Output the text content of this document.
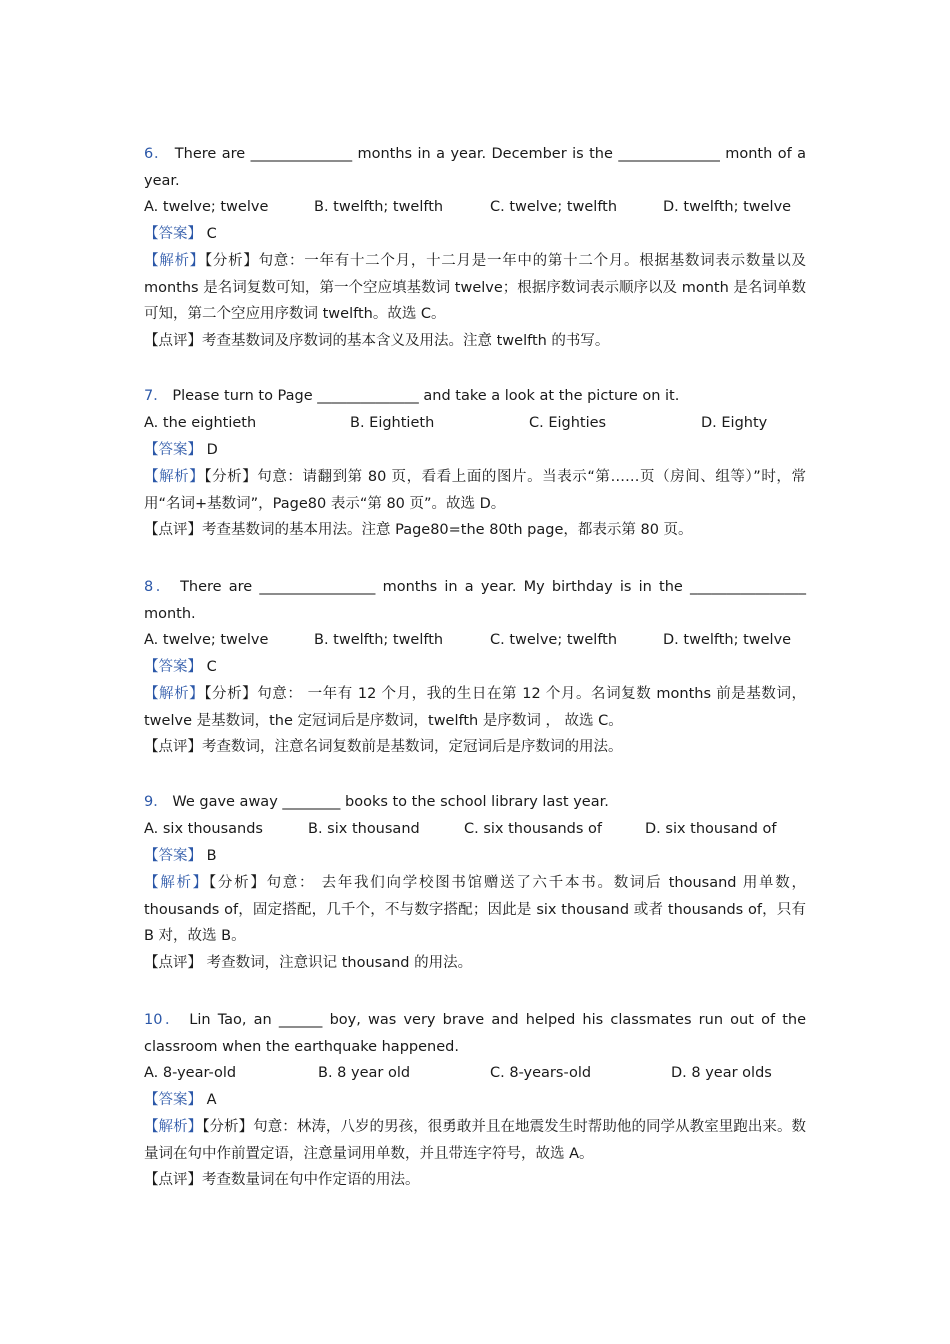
6． There are ______________ months in a year. December is the ______________ month of a year.
A. twelve; twelve	B. twelfth; twelfth	C. twelve; twelfth	D. twelfth; twelve
【答案】 C
【解析】【分析】句意：一年有十二个月，十二月是一年中的第十二个月。根据基数词表示数量以及 months 是名词复数可知，第一个空应填基数词 twelve；根据序数词表示顺序以及 month 是名词单数可知，第二个空应用序数词 twelfth。故选 C。
【点评】考查基数词及序数词的基本含义及用法。注意 twelfth 的书写。
7． Please turn to Page ______________ and take a look at the picture on it.
A. the eightieth	B. Eightieth	C. Eighties	D. Eighty
【答案】 D
【解析】【分析】句意：请翻到第 80 页，看看上面的图片。当表示“第……页（房间、组等）”时，常用“名词+基数词”，Page80 表示“第 80 页”。故选 D。
【点评】考查基数词的基本用法。注意 Page80=the 80th page，都表示第 80 页。
8． There are ________________ months in a year. My birthday is in the ________________ month.
A. twelve; twelve	B. twelfth; twelfth	C. twelve; twelfth	D. twelfth; twelve
【答案】 C
【解析】【分析】句意： 一年有 12 个月，我的生日在第 12 个月。名词复数 months 前是基数词，twelve 是基数词，the 定冠词后是序数词，twelfth 是序数词 ， 故选 C。
【点评】考查数词，注意名词复数前是基数词，定冠词后是序数词的用法。
9． We gave away ________ books to the school library last year.
A. six thousands	B. six thousand	C. six thousands of	D. six thousand of
【答案】 B
【解析】【分析】句意： 去年我们向学校图书馆赠送了六千本书。数词后 thousand 用单数，thousands of，固定搭配，几千个，不与数字搭配；因此是 six thousand 或者 thousands of，只有 B 对，故选 B。
【点评】 考查数词，注意识记 thousand 的用法。
10． Lin Tao, an ______ boy, was very brave and helped his classmates run out of the classroom when the earthquake happened.
A. 8-year-old	B. 8 year old	C. 8-years-old	D. 8 year olds
【答案】 A
【解析】【分析】句意：林涛，八岁的男孩，很勇敢并且在地震发生时帮助他的同学从教室里跑出来。数量词在句中作前置定语，注意量词用单数，并且带连字符号，故选 A。
【点评】考查数量词在句中作定语的用法。
